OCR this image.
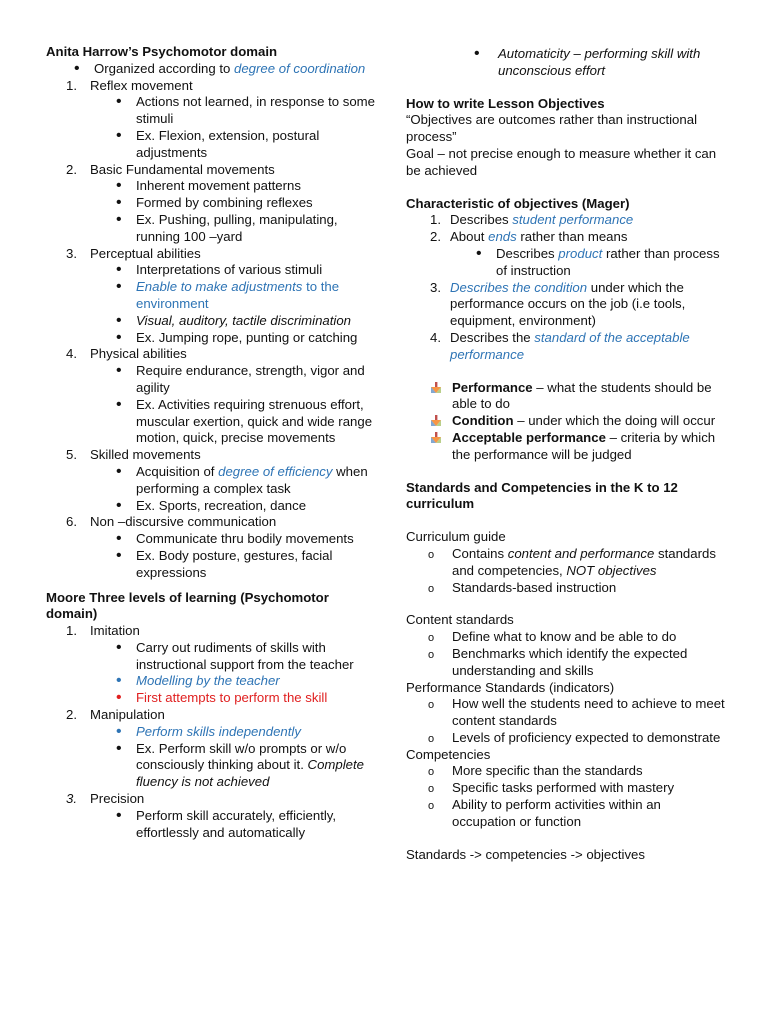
Anita Harrow’s Psychomotor domain
•
Organized according to degree of coordination
1. Reflex movement
•
Actions not learned, in response to some stimuli
•
Ex. Flexion, extension, postural adjustments
2. Basic Fundamental movements
•
Inherent movement patterns
•
Formed by combining reflexes
•
Ex. Pushing, pulling, manipulating, running 100 –yard
3. Perceptual abilities
•
Interpretations of various stimuli
•
Enable to make adjustments to the environment
•
Visual, auditory, tactile discrimination
•
Ex. Jumping rope, punting or catching
4. Physical abilities
•
Require endurance, strength, vigor and agility
•
Ex. Activities requiring strenuous effort, muscular exertion, quick and wide range motion, quick, precise movements
5. Skilled movements
•
Acquisition of degree of efficiency when performing a complex task
•
Ex. Sports, recreation, dance
6. Non –discursive communication
•
Communicate thru bodily movements
•
Ex. Body posture, gestures, facial expressions
Moore Three levels of learning (Psychomotor domain)
1. Imitation
•
Carry out rudiments of skills with instructional support from the teacher
•
Modelling by the teacher
•
First attempts to perform the skill
2. Manipulation
•
Perform skills independently
•
Ex. Perform skill w/o prompts or w/o consciously thinking about it. Complete fluency is not achieved
3. Precision
•
Perform skill accurately, efficiently, effortlessly and automatically
•
Automaticity – performing skill with unconscious effort
How to write Lesson Objectives
“Objectives are outcomes rather than instructional process”
Goal – not precise enough to measure whether it can be achieved
Characteristic of objectives (Mager)
1. Describes student performance
2. About ends rather than means
•
Describes product rather than process of instruction
3. Describes the condition under which the performance occurs on the job (i.e tools, equipment, environment)
4. Describes the standard of the acceptable performance
Performance – what the students should be able to do
Condition – under which the doing will occur
Acceptable performance – criteria by which the performance will be judged
Standards and Competencies in the K to 12 curriculum
Curriculum guide
o
Contains content and performance standards and competencies, NOT objectives
o
Standards-based instruction
Content standards
o
Define what to know and be able to do
o
Benchmarks which identify the expected understanding and skills
Performance Standards (indicators)
o
How well the students need to achieve to meet content standards
o
Levels of proficiency expected to demonstrate
Competencies
o
More specific than the standards
o
Specific tasks performed with mastery
o
Ability to perform activities within an occupation or function
Standards -> competencies -> objectives
